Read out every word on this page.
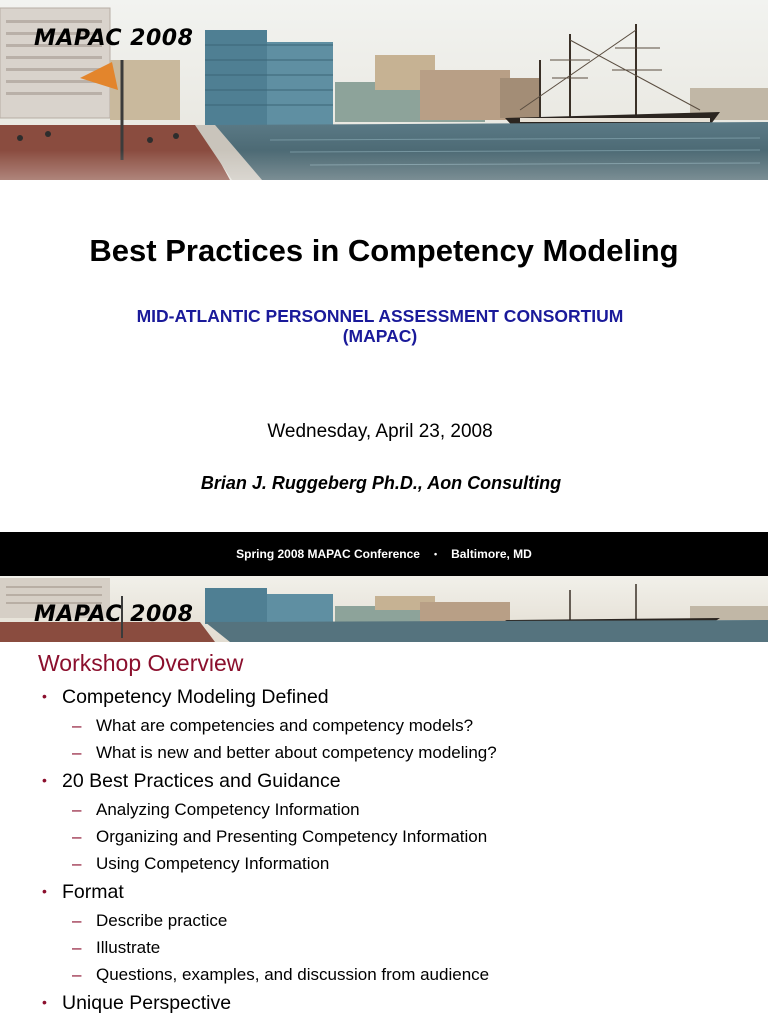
MAPAC 2008
Best Practices in Competency Modeling
MID-ATLANTIC PERSONNEL ASSESSMENT CONSORTIUM
(MAPAC)
Wednesday, April 23, 2008
Brian J. Ruggeberg Ph.D., Aon Consulting
Spring 2008 MAPAC Conference • Baltimore, MD
MAPAC 2008
Workshop Overview
• Competency Modeling Defined
– What are competencies and competency models?
– What is new and better about competency modeling?
• 20 Best Practices and Guidance
– Analyzing Competency Information
– Organizing and Presenting Competency Information
– Using Competency Information
• Format
– Describe practice
– Illustrate
– Questions, examples, and discussion from audience
• Unique Perspective
